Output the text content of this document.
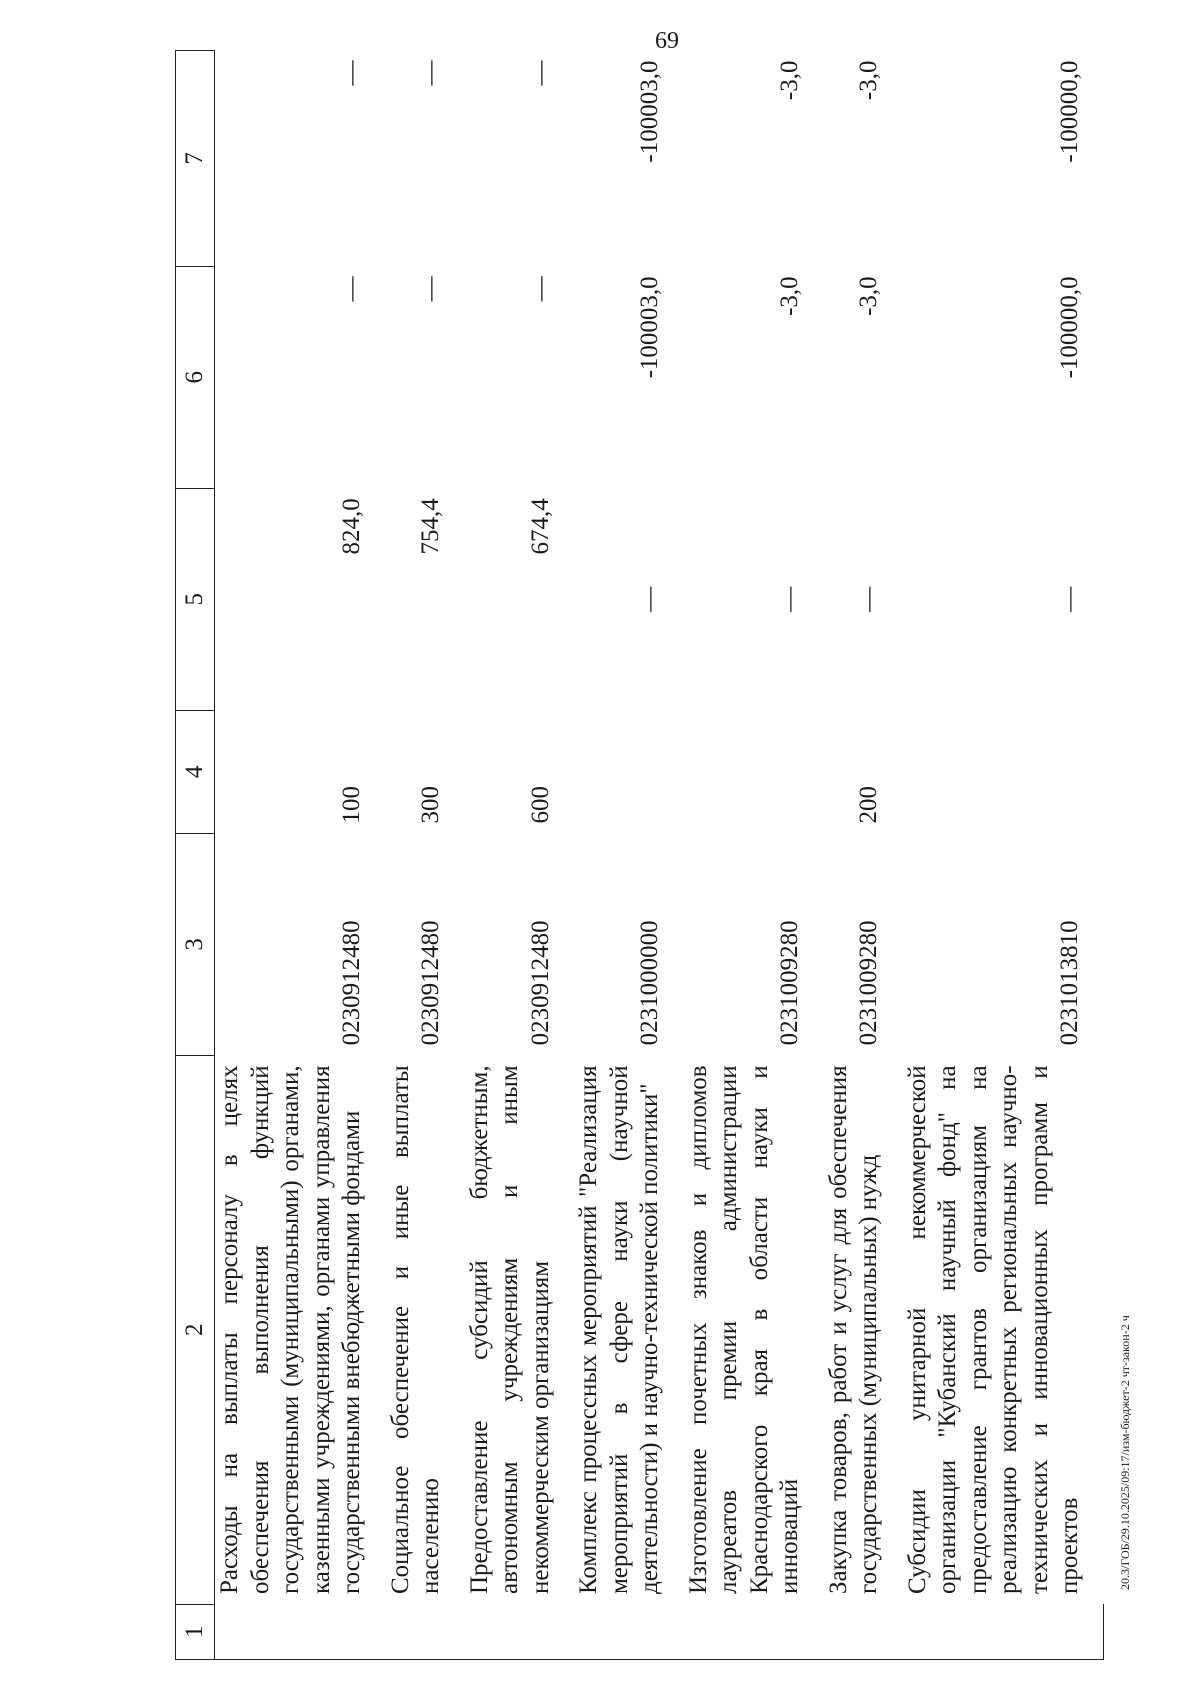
69
1	2	3	4	5	6	7
	Расходы на выплаты персоналу в целях обеспечения выполнения функций государственными (муниципальными) органами, казенными учреждениями, органами управления государственными внебюджетными фондами	0230912480	100	824,0	—	—
	Социальное обеспечение и иные выплаты населению	0230912480	300	754,4	—	—
	Предоставление субсидий бюджетным, автономным учреждениям и иным некоммерческим организациям	0230912480	600	674,4	—	—
	Комплекс процессных мероприятий "Реализация мероприятий в сфере науки (научной деятельности) и научно-технической политики"	0231000000		—	-100003,0	-100003,0
	Изготовление почетных знаков и дипломов лауреатов премии администрации Краснодарского края в области науки и инноваций	0231009280		—	-3,0	-3,0
	Закупка товаров, работ и услуг для обеспечения государственных (муниципальных) нужд	0231009280	200	—	-3,0	-3,0
	Субсидии унитарной некоммерческой организации "Кубанский научный фонд" на предоставление грантов организациям на реализацию конкретных региональных научно-технических и инновационных программ и проектов	0231013810		—	-100000,0	-100000,0
20.3/ГОБ/29.10.2025/09:17/изм-бюджет-2 чт-закон-2 ч
